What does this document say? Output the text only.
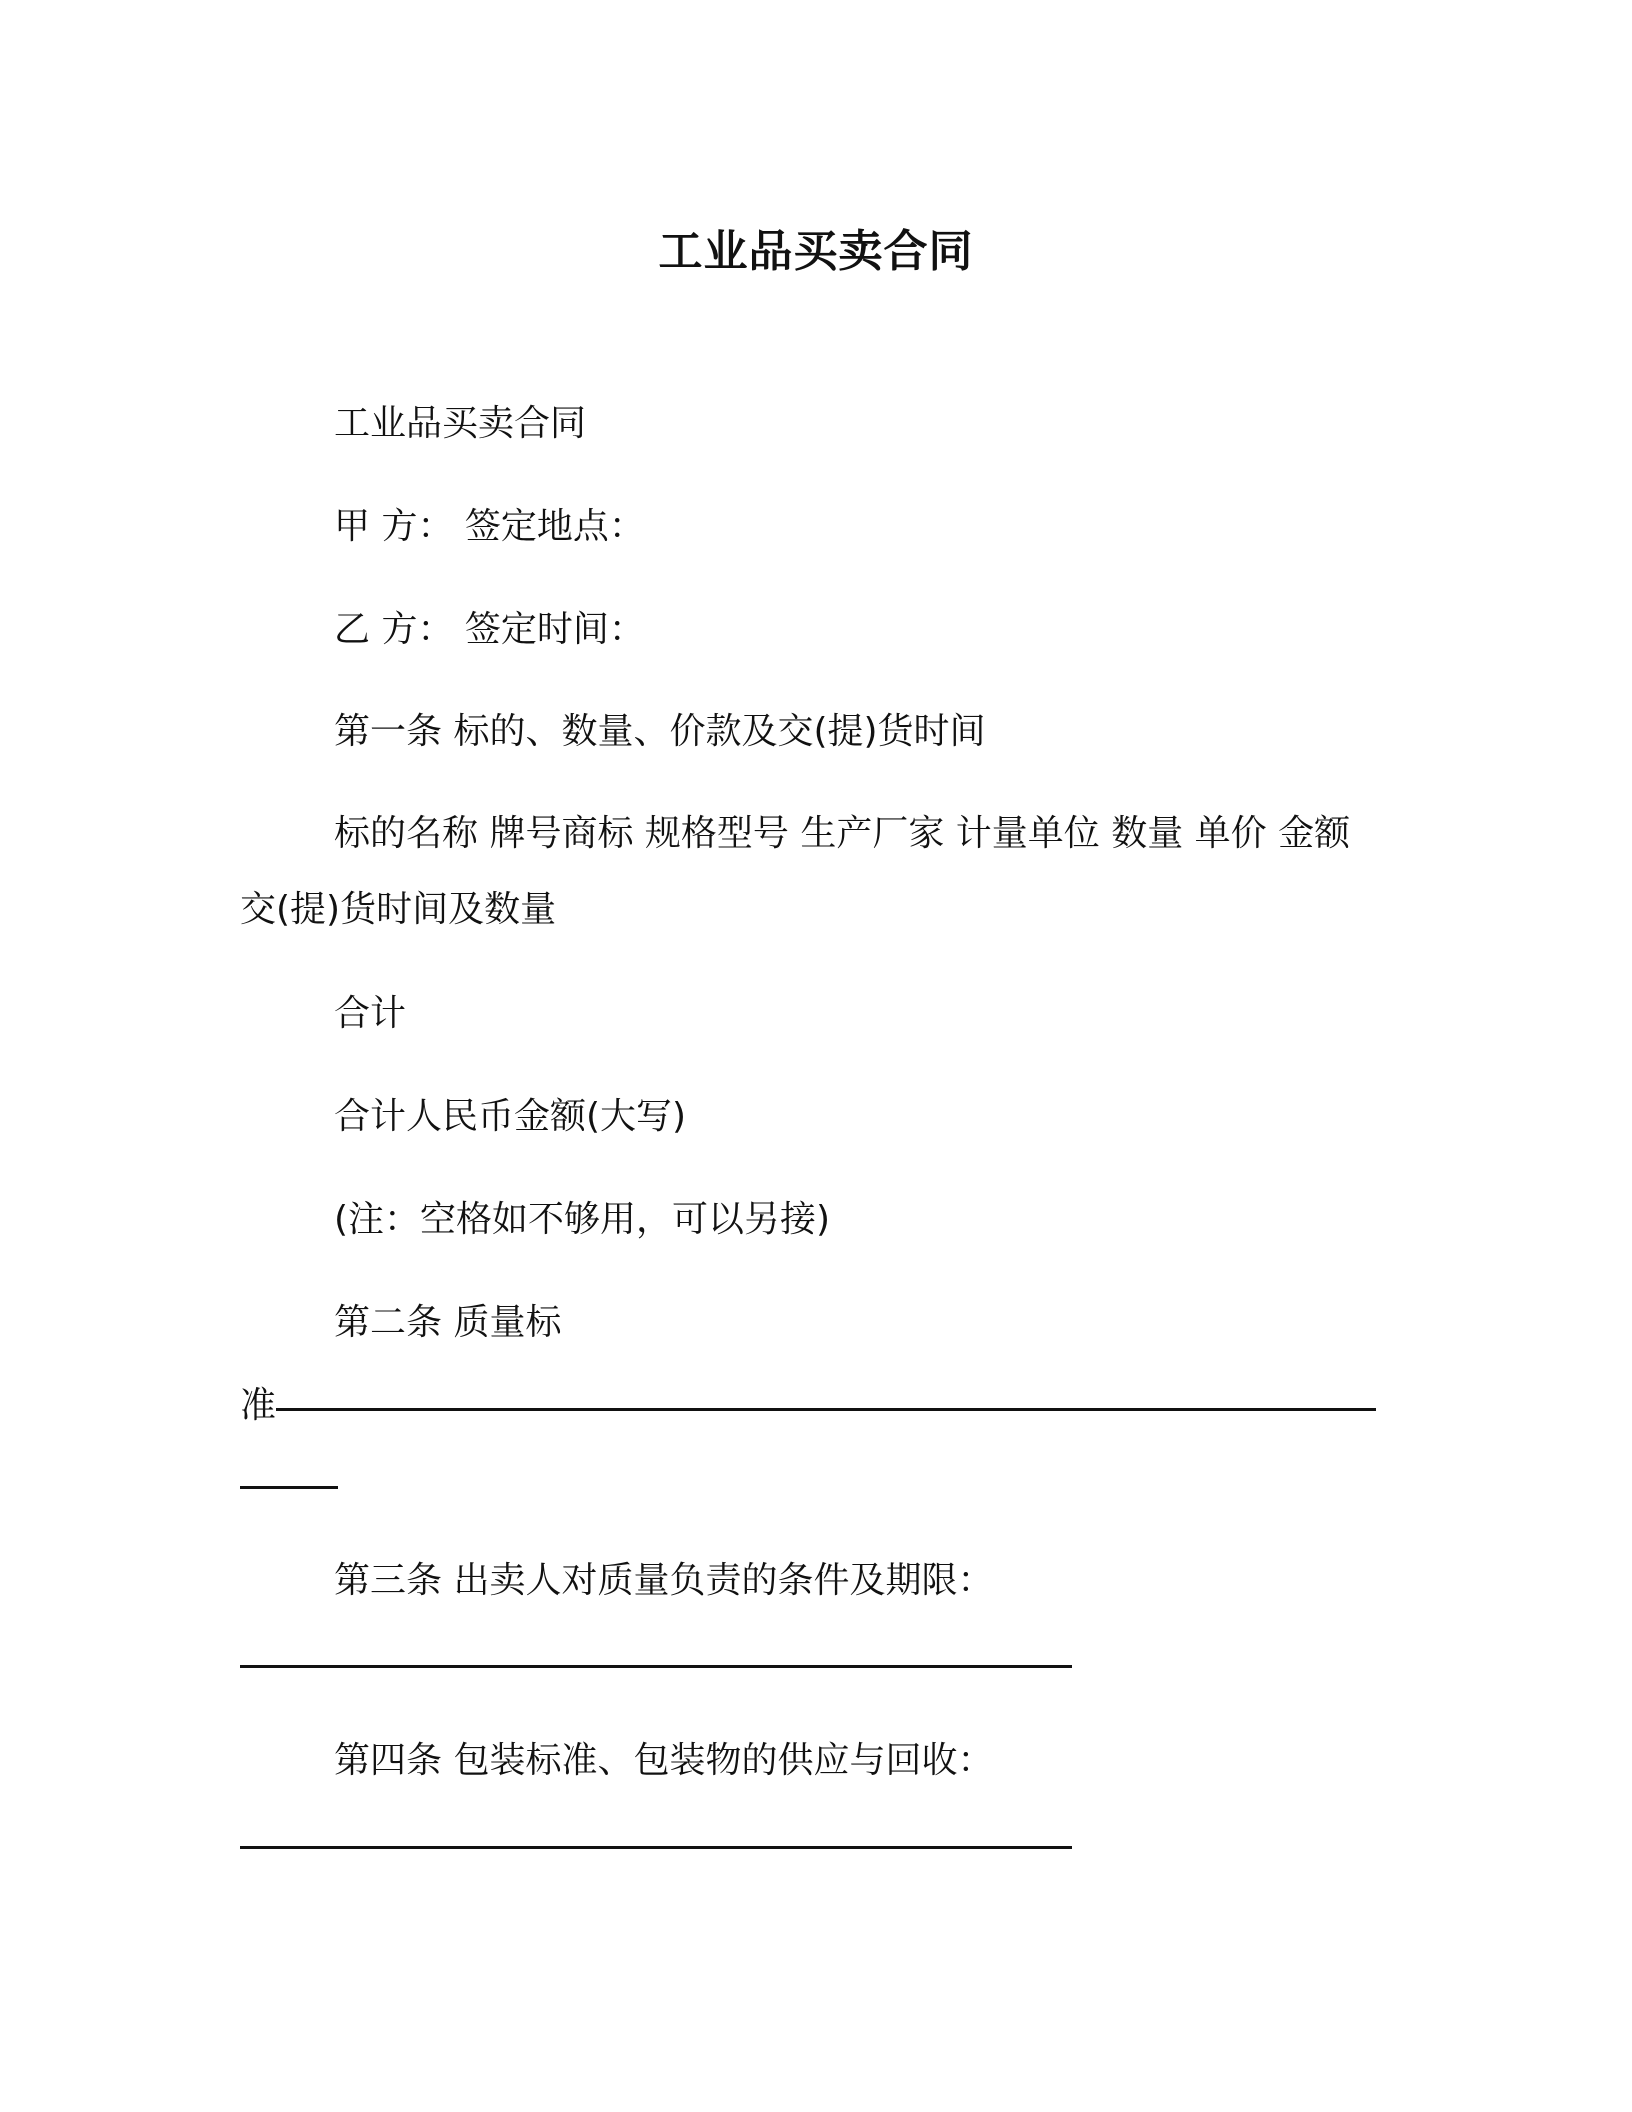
工业品买卖合同
工业品买卖合同
甲 方： 签定地点：
乙 方： 签定时间：
第一条 标的、数量、价款及交(提)货时间
标的名称 牌号商标 规格型号 生产厂家 计量单位 数量 单价 金额
交(提)货时间及数量
合计
合计人民币金额(大写)
(注：空格如不够用，可以另接)
第二条 质量标
准
第三条 出卖人对质量负责的条件及期限：
第四条 包装标准、包装物的供应与回收：
